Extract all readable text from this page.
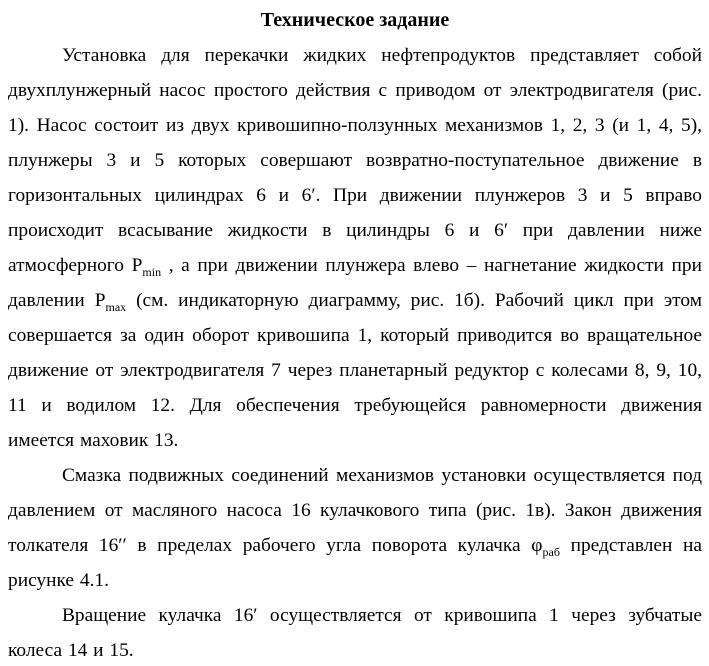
Техническое задание

Установка для перекачки жидких нефтепродуктов представляет собой двухплунжерный насос простого действия с приводом от электродвигателя (рис. 1). Насос состоит из двух кривошипно-ползунных механизмов 1, 2, 3 (и 1, 4, 5), плунжеры 3 и 5 которых совершают возвратно-поступательное движение в горизонтальных цилиндрах 6 и 6′. При движении плунжеров 3 и 5 вправо происходит всасывание жидкости в цилиндры 6 и 6′ при давлении ниже атмосферного $P_{min}$ , а при движении плунжера влево – нагнетание жидкости при давлении $P_{max}$ (см. индикаторную диаграмму, рис. 1б). Рабочий цикл при этом совершается за один оборот кривошипа 1, который приводится во вращательное движение от электродвигателя 7 через планетарный редуктор с колесами 8, 9, 10, 11 и водилом 12. Для обеспечения требующейся равномерности движения имеется маховик 13.

Смазка подвижных соединений механизмов установки осуществляется под давлением от масляного насоса 16 кулачкового типа (рис. 1в). Закон движения толкателя 16′′ в пределах рабочего угла поворота кулачка $\varphi_{раб}$ представлен на рисунке 4.1.

Вращение кулачка 16′ осуществляется от кривошипа 1 через зубчатые колеса 14 и 15.
